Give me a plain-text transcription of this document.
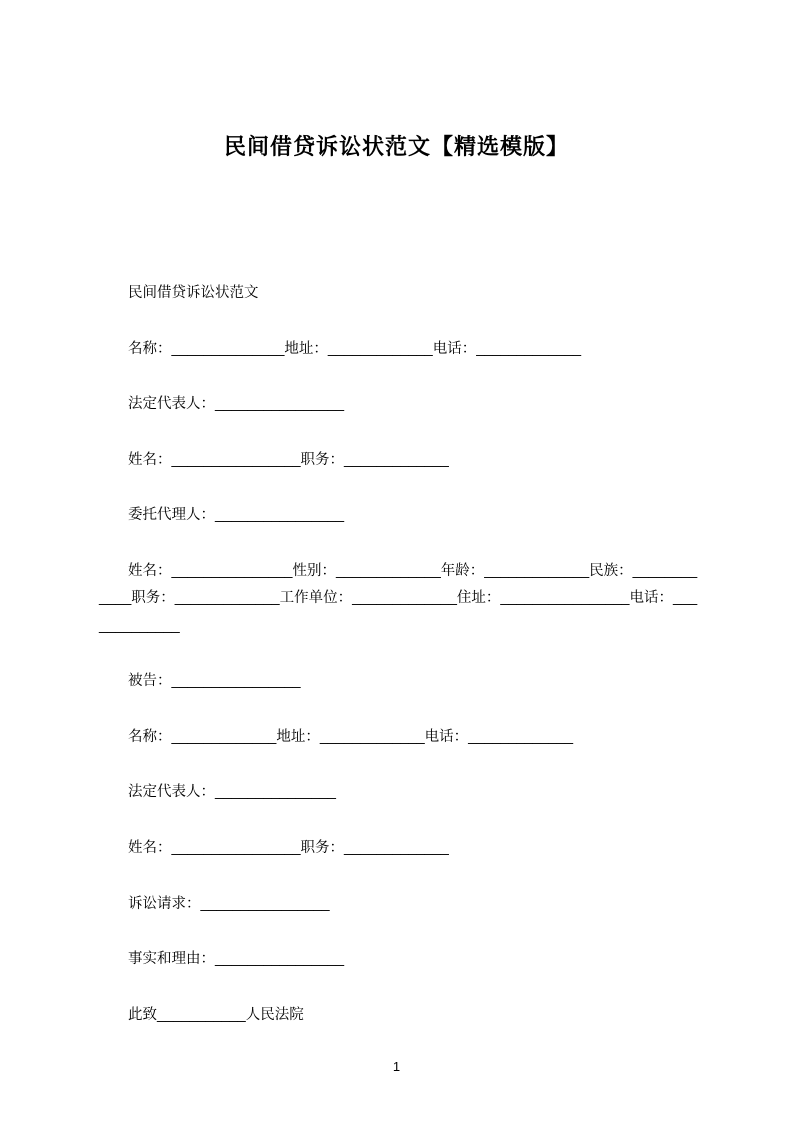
民间借贷诉讼状范文【精选模版】

民间借贷诉讼状范文

名称：______________地址：_____________电话：_____________

法定代表人：________________

姓名：________________职务：_____________

委托代理人：________________

姓名：_______________性别：_____________年龄：_____________民族：____________职务：_____________工作单位：_____________住址：________________电话：_____________

被告：________________

名称：_____________地址：_____________电话：_____________

法定代表人：_______________

姓名：________________职务：_____________

诉讼请求：________________

事实和理由：________________

此致___________人民法院

1
